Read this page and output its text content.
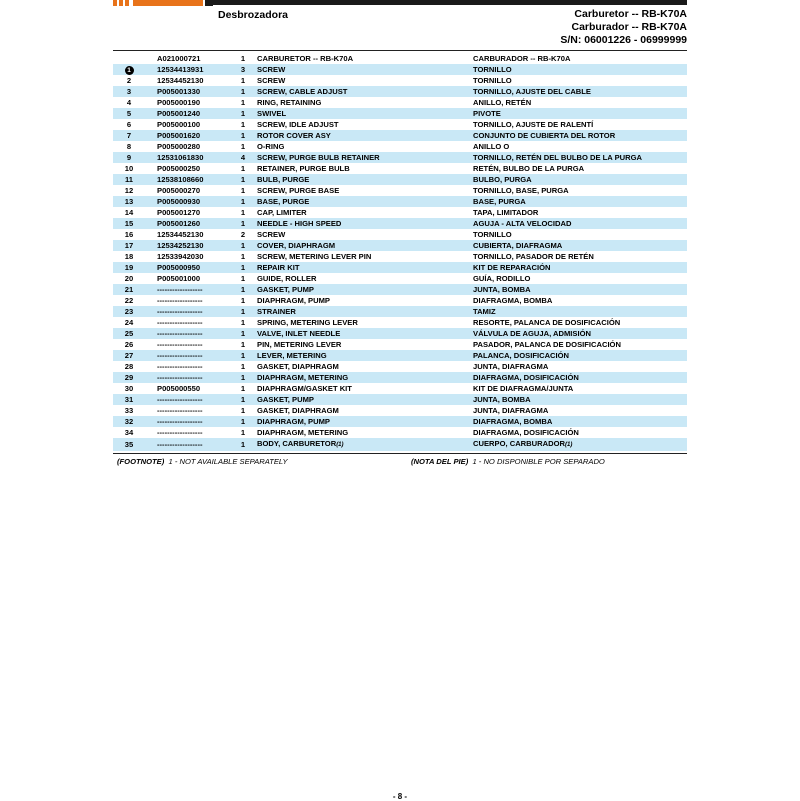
Desbrozadora	Carburetor -- RB-K70A
Carburador -- RB-K70A
S/N: 06001226 - 06999999
	A021000721	1	CARBURETOR -- RB-K70A	CARBURADOR -- RB-K70A
1	12534413931	3	SCREW	TORNILLO
2	12534452130	1	SCREW	TORNILLO
3	P005001330	1	SCREW, CABLE ADJUST	TORNILLO, AJUSTE DEL CABLE
4	P005000190	1	RING, RETAINING	ANILLO, RETÉN
5	P005001240	1	SWIVEL	PIVOTE
6	P005000100	1	SCREW, IDLE ADJUST	TORNILLO, AJUSTE DE RALENTÍ
7	P005001620	1	ROTOR COVER ASY	CONJUNTO DE CUBIERTA DEL ROTOR
8	P005000280	1	O-RING	ANILLO O
9	12531061830	4	SCREW, PURGE BULB RETAINER	TORNILLO, RETÉN DEL BULBO DE LA PURGA
10	P005000250	1	RETAINER, PURGE BULB	RETÉN, BULBO DE LA PURGA
11	12538108660	1	BULB, PURGE	BULBO, PURGA
12	P005000270	1	SCREW, PURGE BASE	TORNILLO, BASE, PURGA
13	P005000930	1	BASE, PURGE	BASE, PURGA
14	P005001270	1	CAP, LIMITER	TAPA, LIMITADOR
15	P005001260	1	NEEDLE - HIGH SPEED	AGUJA - ALTA VELOCIDAD
16	12534452130	2	SCREW	TORNILLO
17	12534252130	1	COVER, DIAPHRAGM	CUBIERTA, DIAFRAGMA
18	12533942030	1	SCREW, METERING LEVER PIN	TORNILLO, PASADOR DE RETÉN
19	P005000950	1	REPAIR KIT	KIT DE REPARACIÓN
20	P005001000	1	GUIDE, ROLLER	GUÍA, RODILLO
21	------------------	1	GASKET, PUMP	JUNTA, BOMBA
22	------------------	1	DIAPHRAGM, PUMP	DIAFRAGMA, BOMBA
23	------------------	1	STRAINER	TAMIZ
24	------------------	1	SPRING, METERING LEVER	RESORTE, PALANCA DE DOSIFICACIÓN
25	------------------	1	VALVE, INLET NEEDLE	VÁLVULA DE AGUJA, ADMISIÓN
26	------------------	1	PIN, METERING LEVER	PASADOR, PALANCA DE DOSIFICACIÓN
27	------------------	1	LEVER, METERING	PALANCA, DOSIFICACIÓN
28	------------------	1	GASKET, DIAPHRAGM	JUNTA, DIAFRAGMA
29	------------------	1	DIAPHRAGM, METERING	DIAFRAGMA, DOSIFICACIÓN
30	P005000550	1	DIAPHRAGM/GASKET KIT	KIT DE DIAFRAGMA/JUNTA
31	------------------	1	GASKET, PUMP	JUNTA, BOMBA
33	------------------	1	GASKET, DIAPHRAGM	JUNTA, DIAFRAGMA
32	------------------	1	DIAPHRAGM, PUMP	DIAFRAGMA, BOMBA
34	------------------	1	DIAPHRAGM, METERING	DIAFRAGMA, DOSIFICACIÓN
35	------------------	1	BODY, CARBURETOR(1)	CUERPO, CARBURADOR(1)
(FOOTNOTE) 1 - NOT AVAILABLE SEPARATELY	(NOTA DEL PIE) 1 - NO DISPONIBLE POR SEPARADO
- 8 -
